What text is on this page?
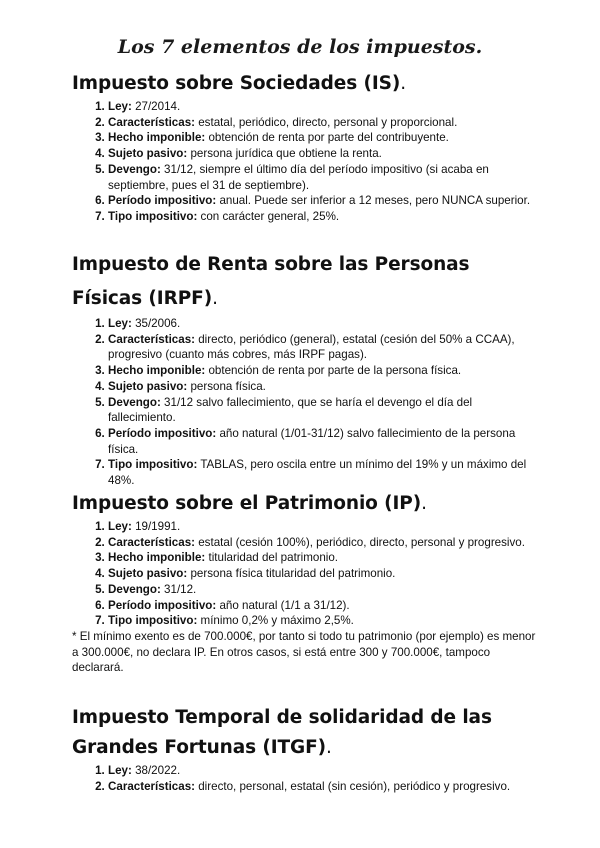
Los 7 elementos de los impuestos.
Impuesto sobre Sociedades (IS).
1. Ley: 27/2014.
2. Características: estatal, periódico, directo, personal y proporcional.
3. Hecho imponible: obtención de renta por parte del contribuyente.
4. Sujeto pasivo: persona jurídica que obtiene la renta.
5. Devengo: 31/12, siempre el último día del período impositivo (si acaba en septiembre, pues el 31 de septiembre).
6. Período impositivo: anual. Puede ser inferior a 12 meses, pero NUNCA superior.
7. Tipo impositivo: con carácter general, 25%.
Impuesto de Renta sobre las Personas Físicas (IRPF).
1. Ley: 35/2006.
2. Características: directo, periódico (general), estatal (cesión del 50% a CCAA), progresivo (cuanto más cobres, más IRPF pagas).
3. Hecho imponible: obtención de renta por parte de la persona física.
4. Sujeto pasivo: persona física.
5. Devengo: 31/12 salvo fallecimiento, que se haría el devengo el día del fallecimiento.
6. Período impositivo: año natural (1/01-31/12) salvo fallecimiento de la persona física.
7. Tipo impositivo: TABLAS, pero oscila entre un mínimo del 19% y un máximo del 48%.
Impuesto sobre el Patrimonio (IP).
1. Ley: 19/1991.
2. Características: estatal (cesión 100%), periódico, directo, personal y progresivo.
3. Hecho imponible: titularidad del patrimonio.
4. Sujeto pasivo: persona física titularidad del patrimonio.
5. Devengo: 31/12.
6. Período impositivo: año natural (1/1 a 31/12).
7. Tipo impositivo: mínimo 0,2% y máximo 2,5%.

* El mínimo exento es de 700.000€, por tanto si todo tu patrimonio (por ejemplo) es menor a 300.000€, no declara IP. En otros casos, si está entre 300 y 700.000€, tampoco declarará.

Impuesto Temporal de solidaridad de las Grandes Fortunas (ITGF).
1. Ley: 38/2022.
2. Características: directo, personal, estatal (sin cesión), periódico y progresivo.
